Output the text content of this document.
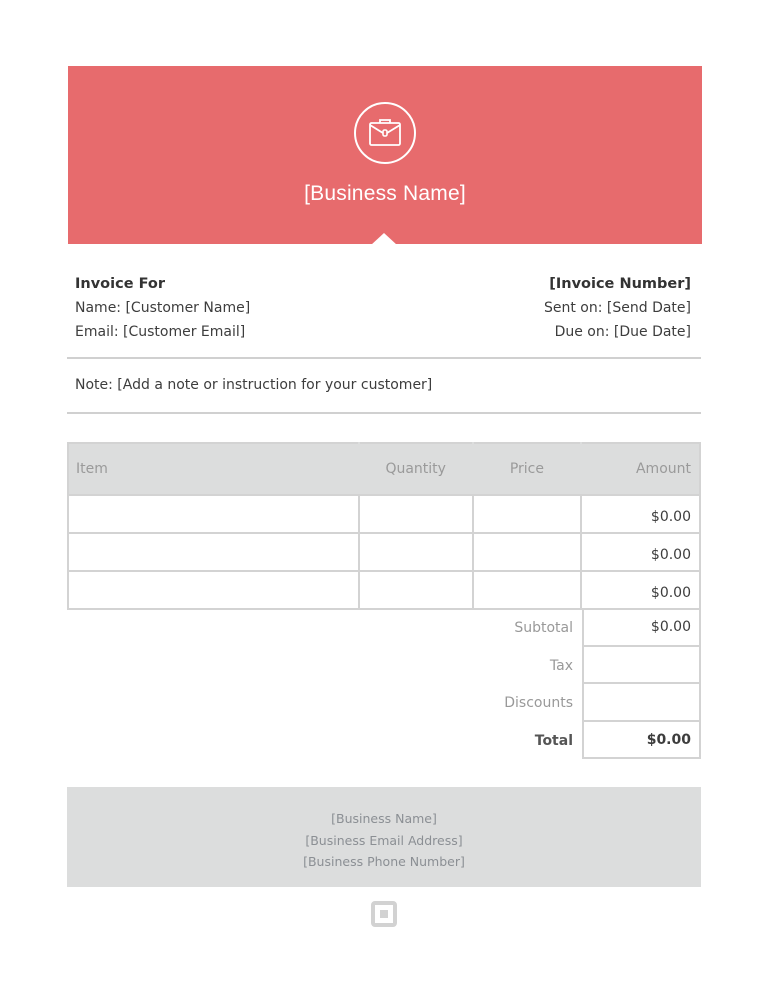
[Business Name]
Invoice For
Name: [Customer Name]
Email: [Customer Email]
[Invoice Number]
Sent on: [Send Date]
Due on: [Due Date]
Note: [Add a note or instruction for your customer]
Item	Quantity	Price	Amount
			$0.00
			$0.00
			$0.00
Subtotal	$0.00
Tax
Discounts
Total	$0.00
[Business Name]
[Business Email Address]
[Business Phone Number]
